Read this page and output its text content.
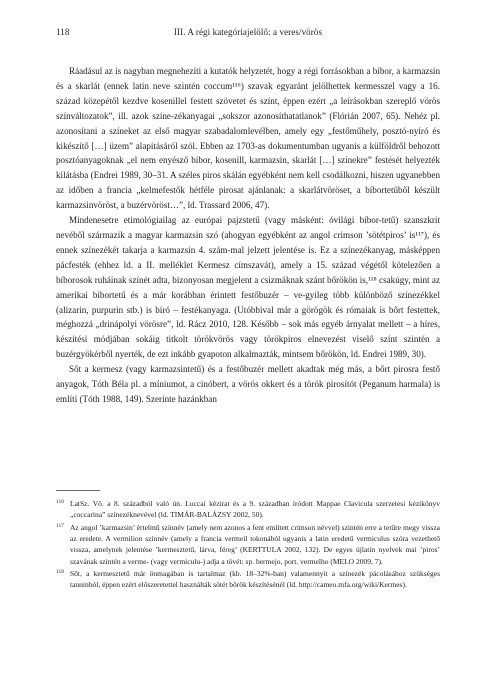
118	III. A régi kategóriajelölő: a veres/vörös

Ráadásul az is nagyban megnehezíti a kutatók helyzetét, hogy a régi forrásokban a bíbor, a karmazsin és a skarlát (ennek latin neve szintén coccum¹¹⁶) szavak egyaránt jelölhettek kermesszel vagy a 16. század közepétől kezdve kosenillel festett szövetet és színt, éppen ezért „a leírásokban szereplő vörös színváltozatok”, ill. azok színe-zékanyagai „sokszor azonosíthatatlanok” (Flórián 2007, 65). Nehéz pl. azonosítani a színeket az első magyar szabadalomlevélben, amely egy „festőműhely, posztó-nyíró és kikészítő […] üzem” alapításáról szól. Ebben az 1703-as dokumentumban ugyanis a külföldről behozott posztóanyagoknak „el nem enyésző bíbor, kosenill, karmazsin, skarlát […] színekre” festését helyezték kilátásba (Endrei 1989, 30–31. A széles piros skálán egyébként nem kell csodálkozni, hiszen ugyanebben az időben a francia „kelmefestők hétféle pirosat ajánlanak: a skarlátvöröset, a bíbortetűből készült karmazsinvöröst, a buzérvöröst…”, ld. Trassard 2006, 47).

Mindenesetre etimológiailag az európai pajzstetű (vagy másként: óvilági bíbor-tetű) szanszkrit nevéből származik a magyar karmazsin szó (ahogyan egyébként az angol crimson ’sötétpiros’ is¹¹⁷), és ennek színezékét takarja a karmazsin 4. szám-mal jelzett jelentése is. Ez a színezékanyag, másképpen pácfesték (ehhez ld. a II. melléklet Kermesz címszavát), amely a 15. század végétől kötelezően a bíborosok ruháinak színét adta, bizonyosan megjelent a csizmáknak szánt bőrökön is,¹¹⁸ csakúgy, mint az amerikai bíbortetű és a már korábban érintett festőbuzér – ve-gyileg több különböző színezékkel (alizarin, purpurin stb.) is bíró – festékanyaga. (Utóbbival már a görögök és rómaiak is bőrt festettek, méghozzá „drinápolyi vörösre”, ld. Rácz 2010, 128. Később – sok más egyéb árnyalat mellett – a híres, készítési módjában sokáig titkolt törökvörös vagy törökpiros elnevezést viselő színt szintén a buzérgyökérből nyerték, de ezt inkább gyapoton alkalmazták, mintsem bőrökön, ld. Endrei 1989, 30).

Sőt a kermesz (vagy karmazsintetű) és a festőbuzér mellett akadtak még más, a bőrt pirosra festő anyagok, Tóth Béla pl. a míniumot, a cinóbert, a vörös okkert és a török pirosítót (Peganum harmala) is említi (Tóth 1988, 149). Szerinte hazánkban

116 LatSz. Vö. a 8. századból való ún. Luccai kézirat és a 9. században íródott Mappae Clavicula szerzetesi kézikönyv „coccarina” színezéknevével (ld. TIMÁR-BALÁZSY 2002, 50).
117 Az angol ’karmazsin’ értelmű színnév (amely nem azonos a fent említett crimson névvel) szintén erre a tetűre megy vissza az eredete. A vermilion színnév (amely a francia vermeil tokonából ugyanis a latin eredetű vermiculus szóra vezethető vissza, amelynek jelentése ’kermesztetű, lárva, féreg’ (KERTTULA 2002, 132). De egyes újlatin nyelvek mai ’piros’ szavának szintén a verme- (vagy vermiculu-) adja a tövét: sp. bermejo, port. vermelho (MELO 2009, 7).
118 Sőt, a kermesztetű már önmagában is tartalmaz (kb. 18–32%-ban) valamennyit a színezék pácolásához szükséges tanninból, éppen ezért előszeretettel használták sötét bőrök készítésénél (ld. http://cameo.mfa.org/wiki/Kermes).
